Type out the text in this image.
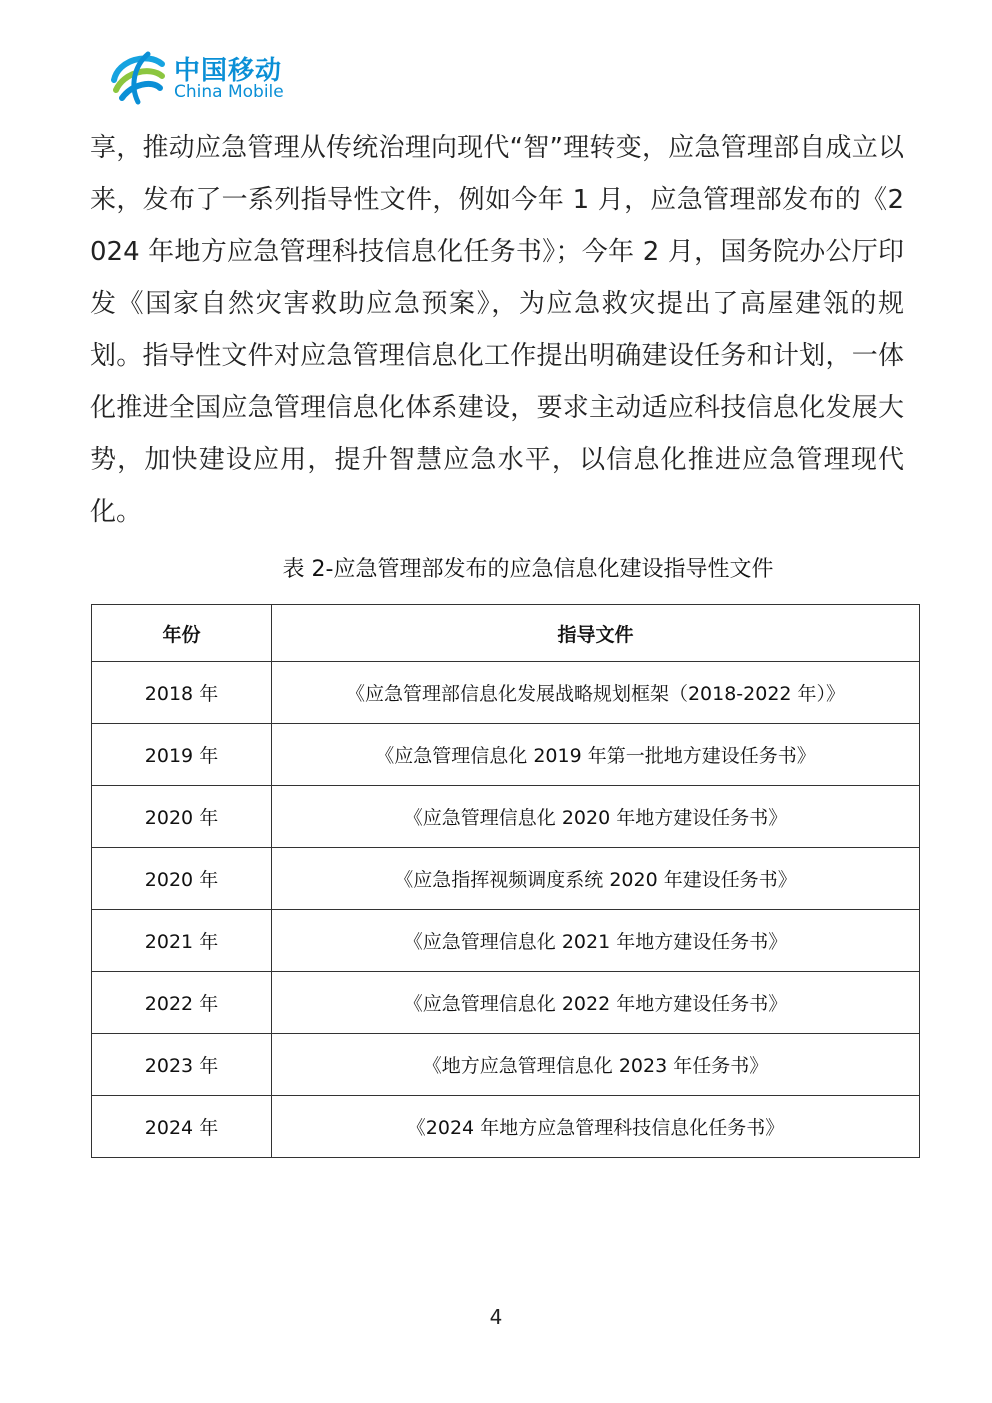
中国移动
China Mobile
享，推动应急管理从传统治理向现代“智”理转变，应急管理部自成立以来，发布了一系列指导性文件，例如今年 1 月，应急管理部发布的《2024 年地方应急管理科技信息化任务书》；今年 2 月，国务院办公厅印发《国家自然灾害救助应急预案》，为应急救灾提出了高屋建瓴的规划。指导性文件对应急管理信息化工作提出明确建设任务和计划，一体化推进全国应急管理信息化体系建设，要求主动适应科技信息化发展大势，加快建设应用，提升智慧应急水平，以信息化推进应急管理现代化。
表 2-应急管理部发布的应急信息化建设指导性文件
年份	指导文件
2018 年	《应急管理部信息化发展战略规划框架（2018-2022 年）》
2019 年	《应急管理信息化 2019 年第一批地方建设任务书》
2020 年	《应急管理信息化 2020 年地方建设任务书》
2020 年	《应急指挥视频调度系统 2020 年建设任务书》
2021 年	《应急管理信息化 2021 年地方建设任务书》
2022 年	《应急管理信息化 2022 年地方建设任务书》
2023 年	《地方应急管理信息化 2023 年任务书》
2024 年	《2024 年地方应急管理科技信息化任务书》
4
